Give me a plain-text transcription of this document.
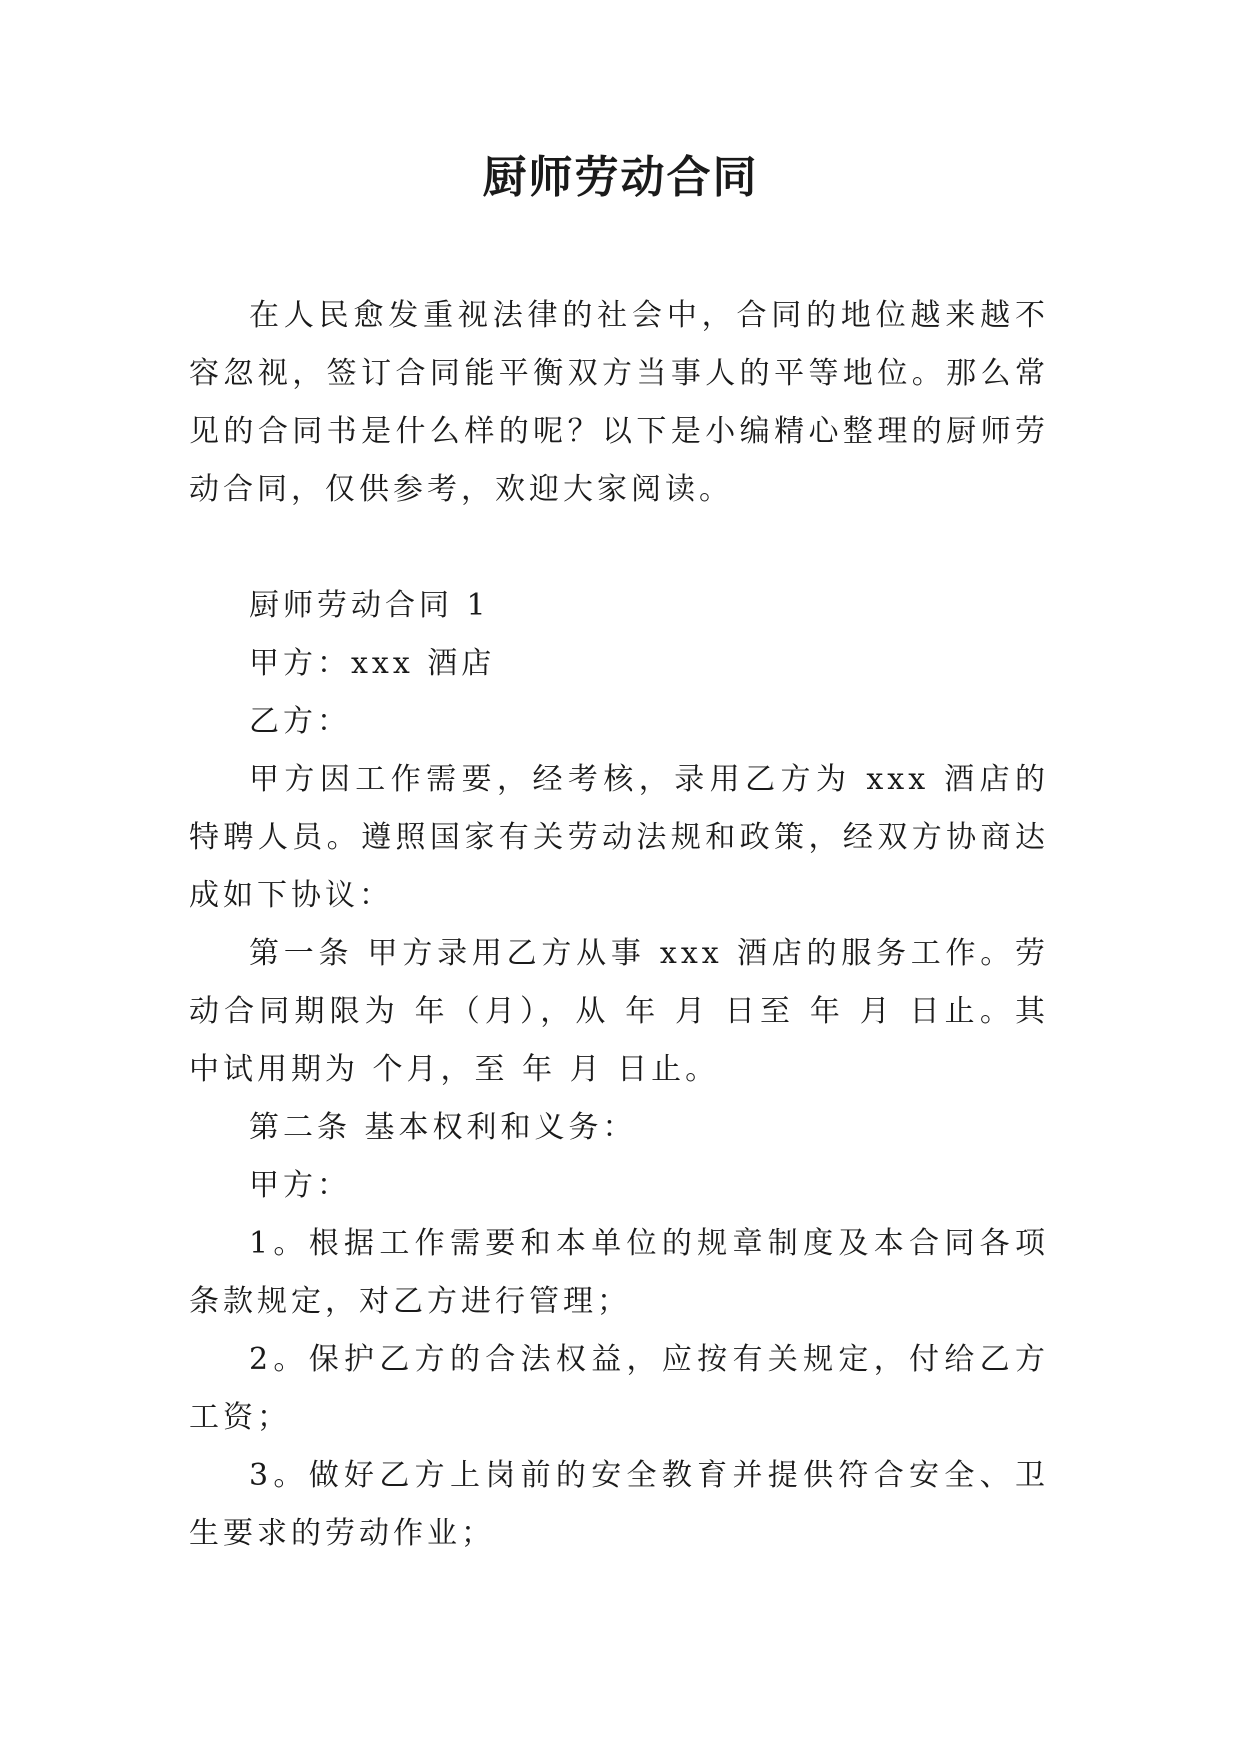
厨师劳动合同

在人民愈发重视法律的社会中，合同的地位越来越不容忽视，签订合同能平衡双方当事人的平等地位。那么常见的合同书是什么样的呢？以下是小编精心整理的厨师劳动合同，仅供参考，欢迎大家阅读。

厨师劳动合同 1

甲方：xxx 酒店

乙方：

甲方因工作需要，经考核，录用乙方为 xxx 酒店的特聘人员。遵照国家有关劳动法规和政策，经双方协商达成如下协议：

第一条 甲方录用乙方从事 xxx 酒店的服务工作。劳动合同期限为 年（月），从 年 月 日至 年 月 日止。其中试用期为 个月，至 年 月 日止。

第二条 基本权利和义务：

甲方：

1。根据工作需要和本单位的规章制度及本合同各项条款规定，对乙方进行管理；

2。保护乙方的合法权益，应按有关规定，付给乙方工资；

3。做好乙方上岗前的安全教育并提供符合安全、卫生要求的劳动作业；
